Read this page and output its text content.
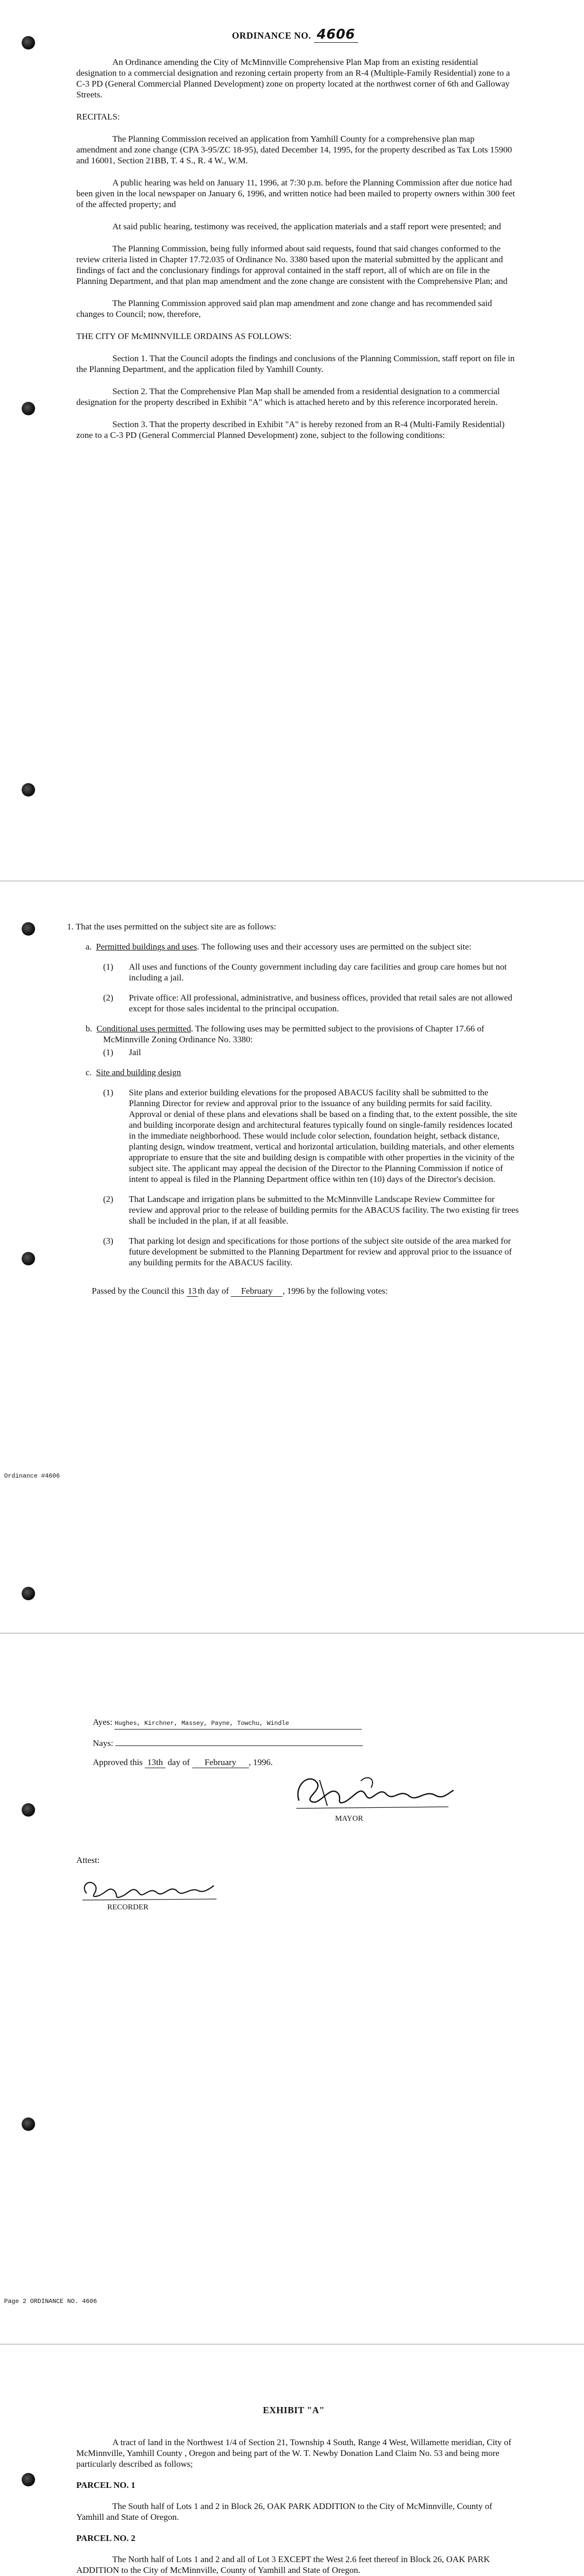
ORDINANCE NO. 4606

An Ordinance amending the City of McMinnville Comprehensive Plan Map from an existing residential designation to a commercial designation and rezoning certain property from an R-4 (Multiple-Family Residential) zone to a C-3 PD (General Commercial Planned Development) zone on property located at the northwest corner of 6th and Galloway Streets.

RECITALS:

The Planning Commission received an application from Yamhill County for a comprehensive plan map amendment and zone change (CPA 3-95/ZC 18-95), dated December 14, 1995, for the property described as Tax Lots 15900 and 16001, Section 21BB, T. 4 S., R. 4 W., W.M.

A public hearing was held on January 11, 1996, at 7:30 p.m. before the Planning Commission after due notice had been given in the local newspaper on January 6, 1996, and written notice had been mailed to property owners within 300 feet of the affected property; and

At said public hearing, testimony was received, the application materials and a staff report were presented; and

The Planning Commission, being fully informed about said requests, found that said changes conformed to the review criteria listed in Chapter 17.72.035 of Ordinance No. 3380 based upon the material submitted by the applicant and findings of fact and the conclusionary findings for approval contained in the staff report, all of which are on file in the Planning Department, and that plan map amendment and the zone change are consistent with the Comprehensive Plan; and

The Planning Commission approved said plan map amendment and zone change and has recommended said changes to Council; now, therefore,

THE CITY OF McMINNVILLE ORDAINS AS FOLLOWS:

Section 1. That the Council adopts the findings and conclusions of the Planning Commission, staff report on file in the Planning Department, and the application filed by Yamhill County.

Section 2. That the Comprehensive Plan Map shall be amended from a residential designation to a commercial designation for the property described in Exhibit "A" which is attached hereto and by this reference incorporated herein.

Section 3. That the property described in Exhibit "A" is hereby rezoned from an R-4 (Multi-Family Residential) zone to a C-3 PD (General Commercial Planned Development) zone, subject to the following conditions:

1. That the uses permitted on the subject site are as follows:

a.  Permitted buildings and uses. The following uses and their accessory uses are permitted on the subject site:

(1) All uses and functions of the County government including day care facilities and group care homes but not including a jail.

(2) Private office: All professional, administrative, and business offices, provided that retail sales are not allowed except for those sales incidental to the principal occupation.

b.  Conditional uses permitted. The following uses may be permitted subject to the provisions of Chapter 17.66 of McMinnville Zoning Ordinance No. 3380:

(1) Jail

c.  Site and building design

(1) Site plans and exterior building elevations for the proposed ABACUS facility shall be submitted to the Planning Director for review and approval prior to the issuance of any building permits for said facility. Approval or denial of these plans and elevations shall be based on a finding that, to the extent possible, the site and building incorporate design and architectural features typically found on single-family residences located in the immediate neighborhood. These would include color selection, foundation height, setback distance, planting design, window treatment, vertical and horizontal articulation, building materials, and other elements appropriate to ensure that the site and building design is compatible with other properties in the vicinity of the subject site. The applicant may appeal the decision of the Director to the Planning Commission if notice of intent to appeal is filed in the Planning Department office within ten (10) days of the Director's decision.

(2) That Landscape and irrigation plans be submitted to the McMinnville Landscape Review Committee for review and approval prior to the release of building permits for the ABACUS facility. The two existing fir trees shall be included in the plan, if at all feasible.

(3) That parking lot design and specifications for those portions of the subject site outside of the area marked for future development be submitted to the Planning Department for review and approval prior to the issuance of any building permits for the ABACUS facility.

Passed by the Council this 13 th day of February , 1996 by the following votes:

Ordinance #4606

Ayes: Hughes, Kirchner, Massey, Payne, Towchu, Windle

Nays:

Approved this 13th day of February , 1996.

MAYOR
Attest:
RECORDER
Page 2 ORDINANCE NO. 4606
EXHIBIT "A"

A tract of land in the Northwest 1/4 of Section 21, Township 4 South, Range 4 West, Willamette meridian, City of McMinnville, Yamhill County , Oregon and being part of the W. T. Newby Donation Land Claim No. 53 and being more particularly described as follows;

PARCEL NO. 1

The South half of Lots 1 and 2 in Block 26, OAK PARK ADDITION to the City of McMinnville, County of Yamhill and State of Oregon.

PARCEL NO. 2

The North half of Lots 1 and 2 and all of Lot 3 EXCEPT the West 2.6 feet thereof in Block 26, OAK PARK ADDITION to the City of McMinnville, County of Yamhill and State of Oregon.
